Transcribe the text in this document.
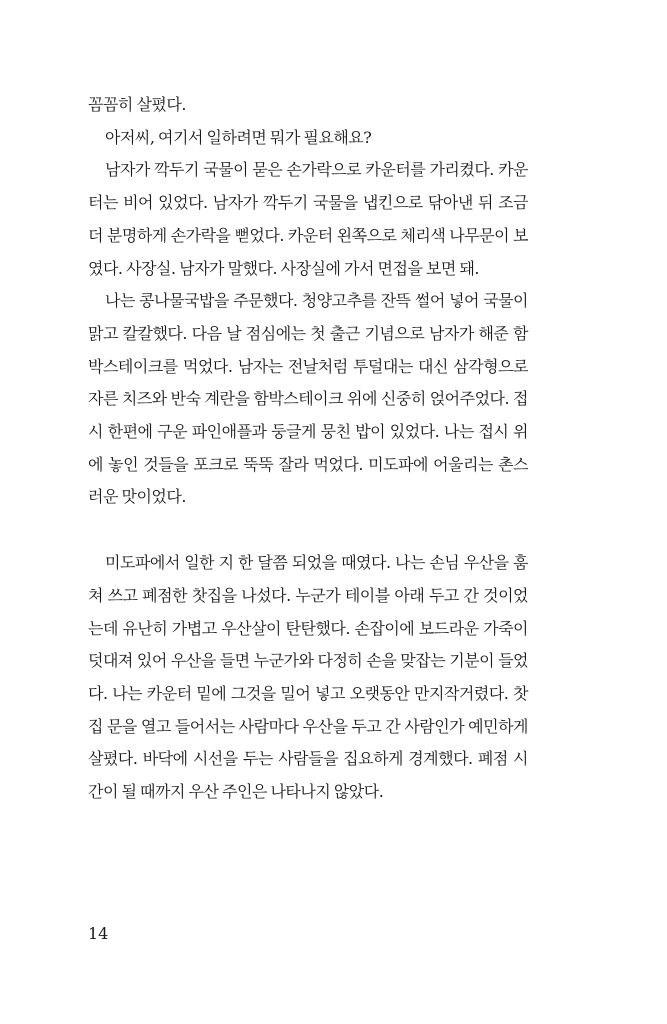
꼼꼼히 살폈다.

아저씨, 여기서 일하려면 뭐가 필요해요?

남자가 깍두기 국물이 묻은 손가락으로 카운터를 가리켰다. 카운터는 비어 있었다. 남자가 깍두기 국물을 냅킨으로 닦아낸 뒤 조금 더 분명하게 손가락을 뻗었다. 카운터 왼쪽으로 체리색 나무문이 보였다. 사장실. 남자가 말했다. 사장실에 가서 면접을 보면 돼.

나는 콩나물국밥을 주문했다. 청양고추를 잔뜩 썰어 넣어 국물이 맑고 칼칼했다. 다음 날 점심에는 첫 출근 기념으로 남자가 해준 함박스테이크를 먹었다. 남자는 전날처럼 투덜대는 대신 삼각형으로 자른 치즈와 반숙 계란을 함박스테이크 위에 신중히 얹어주었다. 접시 한편에 구운 파인애플과 둥글게 뭉친 밥이 있었다. 나는 접시 위에 놓인 것들을 포크로 뚝뚝 잘라 먹었다. 미도파에 어울리는 촌스러운 맛이었다.

미도파에서 일한 지 한 달쯤 되었을 때였다. 나는 손님 우산을 훔쳐 쓰고 폐점한 찻집을 나섰다. 누군가 테이블 아래 두고 간 것이었는데 유난히 가볍고 우산살이 탄탄했다. 손잡이에 보드라운 가죽이 덧대져 있어 우산을 들면 누군가와 다정히 손을 맞잡는 기분이 들었다. 나는 카운터 밑에 그것을 밀어 넣고 오랫동안 만지작거렸다. 찻집 문을 열고 들어서는 사람마다 우산을 두고 간 사람인가 예민하게 살폈다. 바닥에 시선을 두는 사람들을 집요하게 경계했다. 폐점 시간이 될 때까지 우산 주인은 나타나지 않았다.

14
